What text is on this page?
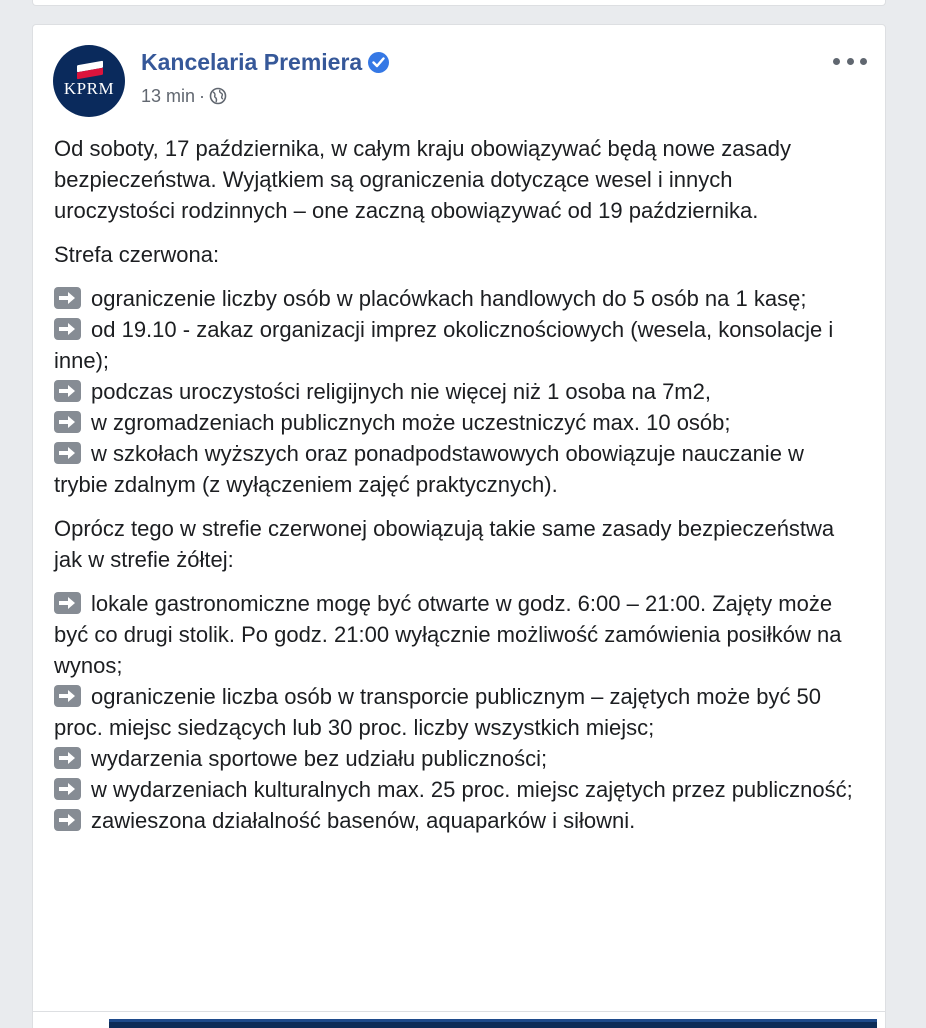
KPRM
Kancelaria Premiera
13 min ·

Od soboty, 17 października, w całym kraju obowiązywać będą nowe zasady bezpieczeństwa. Wyjątkiem są ograniczenia dotyczące wesel i innych uroczystości rodzinnych – one zaczną obowiązywać od 19 października.

Strefa czerwona:

ograniczenie liczby osób w placówkach handlowych do 5 osób na 1 kasę;

od 19.10 - zakaz organizacji imprez okolicznościowych (wesela, konsolacje i inne);

podczas uroczystości religijnych nie więcej niż 1 osoba na 7m2,

w zgromadzeniach publicznych może uczestniczyć max. 10 osób;

w szkołach wyższych oraz ponadpodstawowych obowiązuje nauczanie w trybie zdalnym (z wyłączeniem zajęć praktycznych).

Oprócz tego w strefie czerwonej obowiązują takie same zasady bezpieczeństwa jak w strefie żółtej:

lokale gastronomiczne mogę być otwarte w godz. 6:00 – 21:00. Zajęty może być co drugi stolik. Po godz. 21:00 wyłącznie możliwość zamówienia posiłków na wynos;

ograniczenie liczba osób w transporcie publicznym – zajętych może być 50 proc. miejsc siedzących lub 30 proc. liczby wszystkich miejsc;

wydarzenia sportowe bez udziału publiczności;

w wydarzeniach kulturalnych max. 25 proc. miejsc zajętych przez publiczność;

zawieszona działalność basenów, aquaparków i siłowni.
